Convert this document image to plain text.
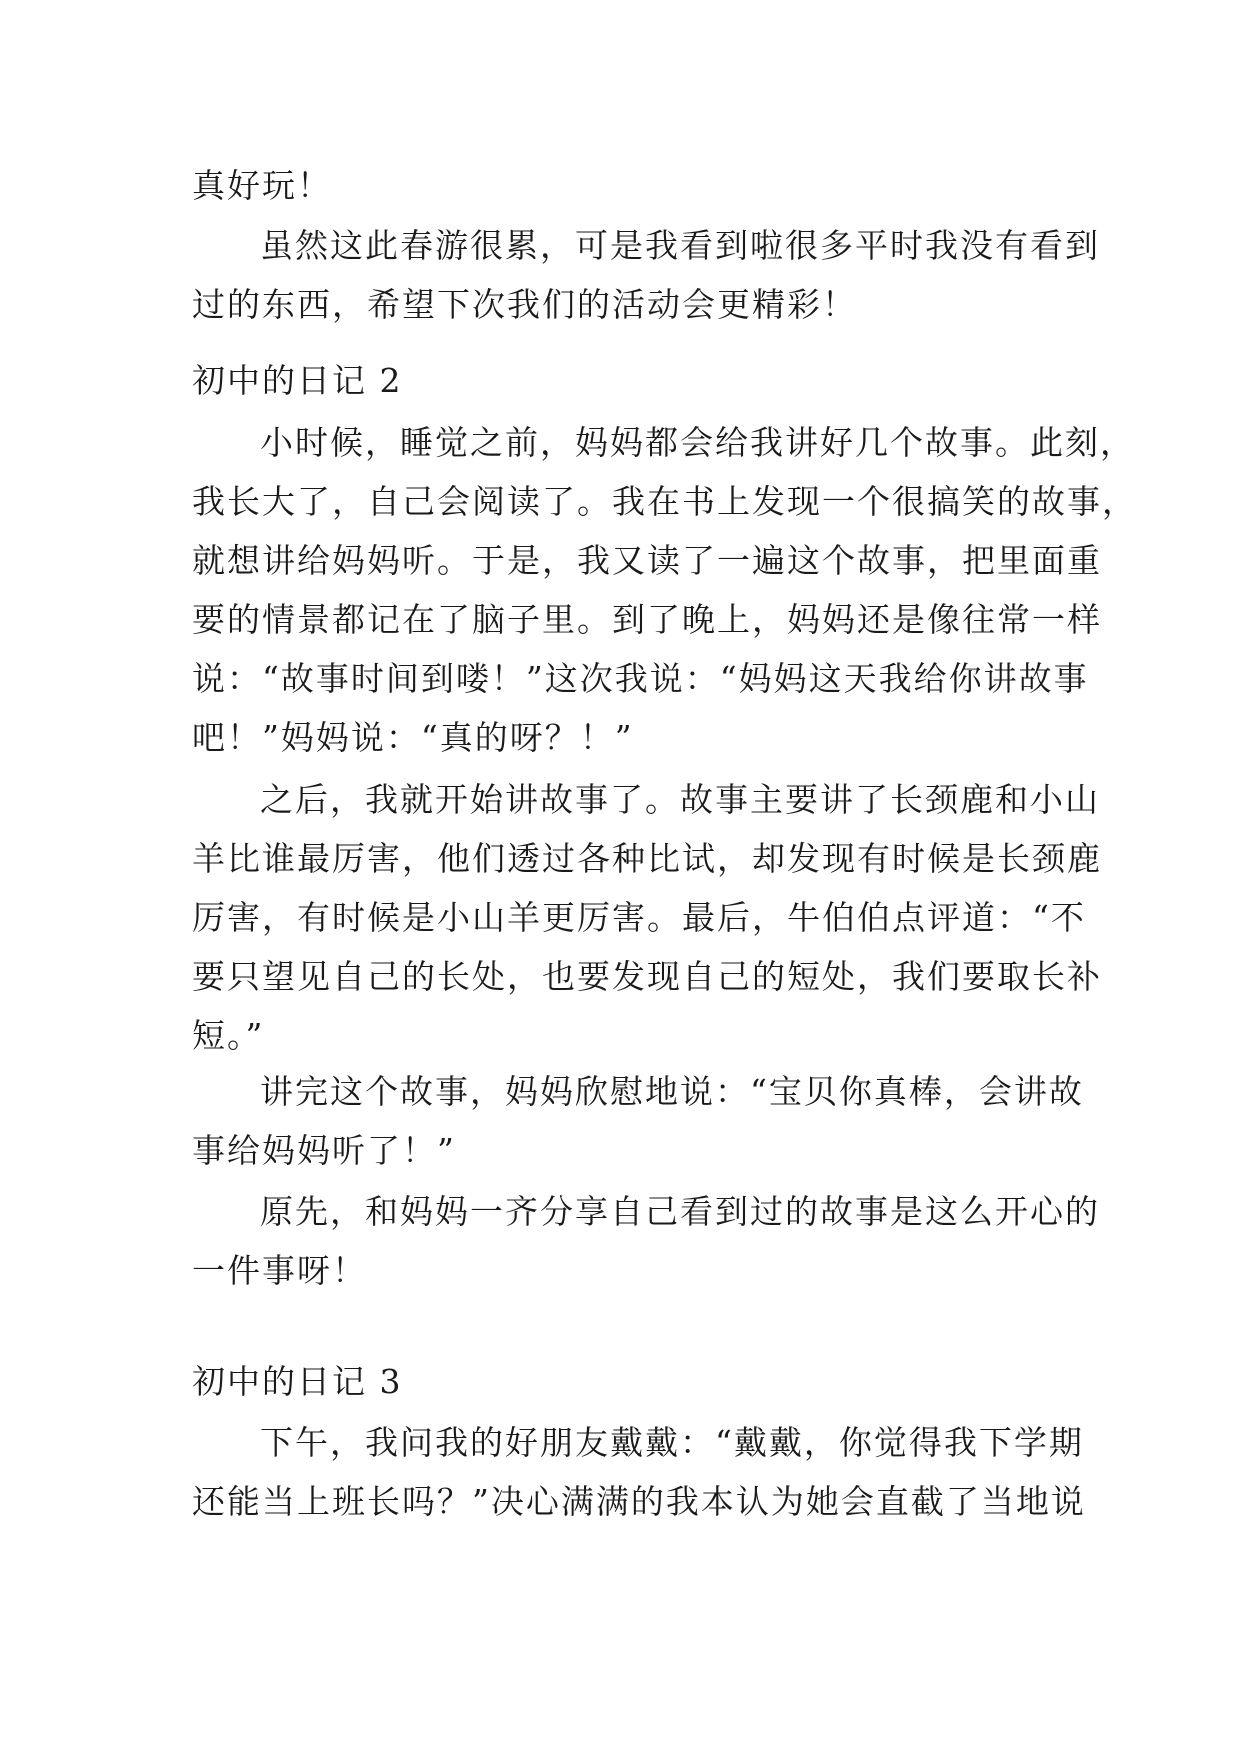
真好玩！
虽然这此春游很累，可是我看到啦很多平时我没有看到
过的东西，希望下次我们的活动会更精彩！
初中的日记 2
小时候，睡觉之前，妈妈都会给我讲好几个故事。此刻，
我长大了，自己会阅读了。我在书上发现一个很搞笑的故事，
就想讲给妈妈听。于是，我又读了一遍这个故事，把里面重
要的情景都记在了脑子里。到了晚上，妈妈还是像往常一样
说：“故事时间到喽！”这次我说：“妈妈这天我给你讲故事
吧！”妈妈说：“真的呀？！”
之后，我就开始讲故事了。故事主要讲了长颈鹿和小山
羊比谁最厉害，他们透过各种比试，却发现有时候是长颈鹿
厉害，有时候是小山羊更厉害。最后，牛伯伯点评道：“不
要只望见自己的长处，也要发现自己的短处，我们要取长补
短。”
讲完这个故事，妈妈欣慰地说：“宝贝你真棒，会讲故
事给妈妈听了！”
原先，和妈妈一齐分享自己看到过的故事是这么开心的
一件事呀！
初中的日记 3
下午，我问我的好朋友戴戴：“戴戴，你觉得我下学期
还能当上班长吗？”决心满满的我本认为她会直截了当地说
